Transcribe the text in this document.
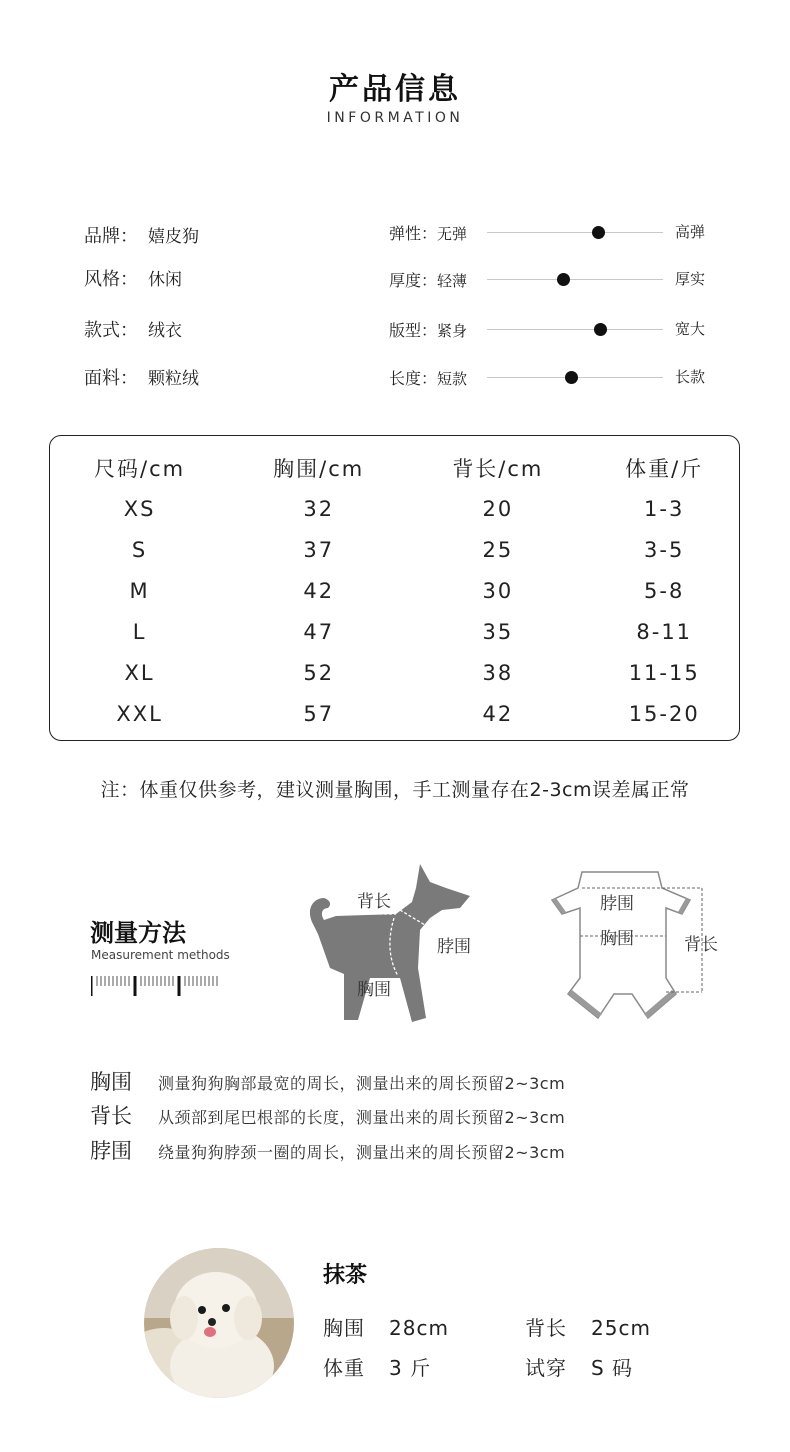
产品信息
INFORMATION
品牌： 嬉皮狗
风格： 休闲
款式： 绒衣
面料： 颗粒绒
弹性：无弹	高弹
厚度：轻薄	厚实
版型：紧身	宽大
长度：短款	长款
尺码/cm	胸围/cm	背长/cm	体重/斤
XS	32	20	1-3
S	37	25	3-5
M	42	30	5-8
L	47	35	8-11
XL	52	38	11-15
XXL	57	42	15-20
注：体重仅供参考，建议测量胸围，手工测量存在2-3cm误差属正常
测量方法
Measurement methods
背长
脖围
胸围
脖围
胸围	背长
胸围 测量狗狗胸部最宽的周长，测量出来的周长预留2~3cm
背长 从颈部到尾巴根部的长度，测量出来的周长预留2~3cm
脖围 绕量狗狗脖颈一圈的周长，测量出来的周长预留2~3cm
抹茶
胸围 28cm	背长 25cm
体重 3 斤	试穿 S 码
